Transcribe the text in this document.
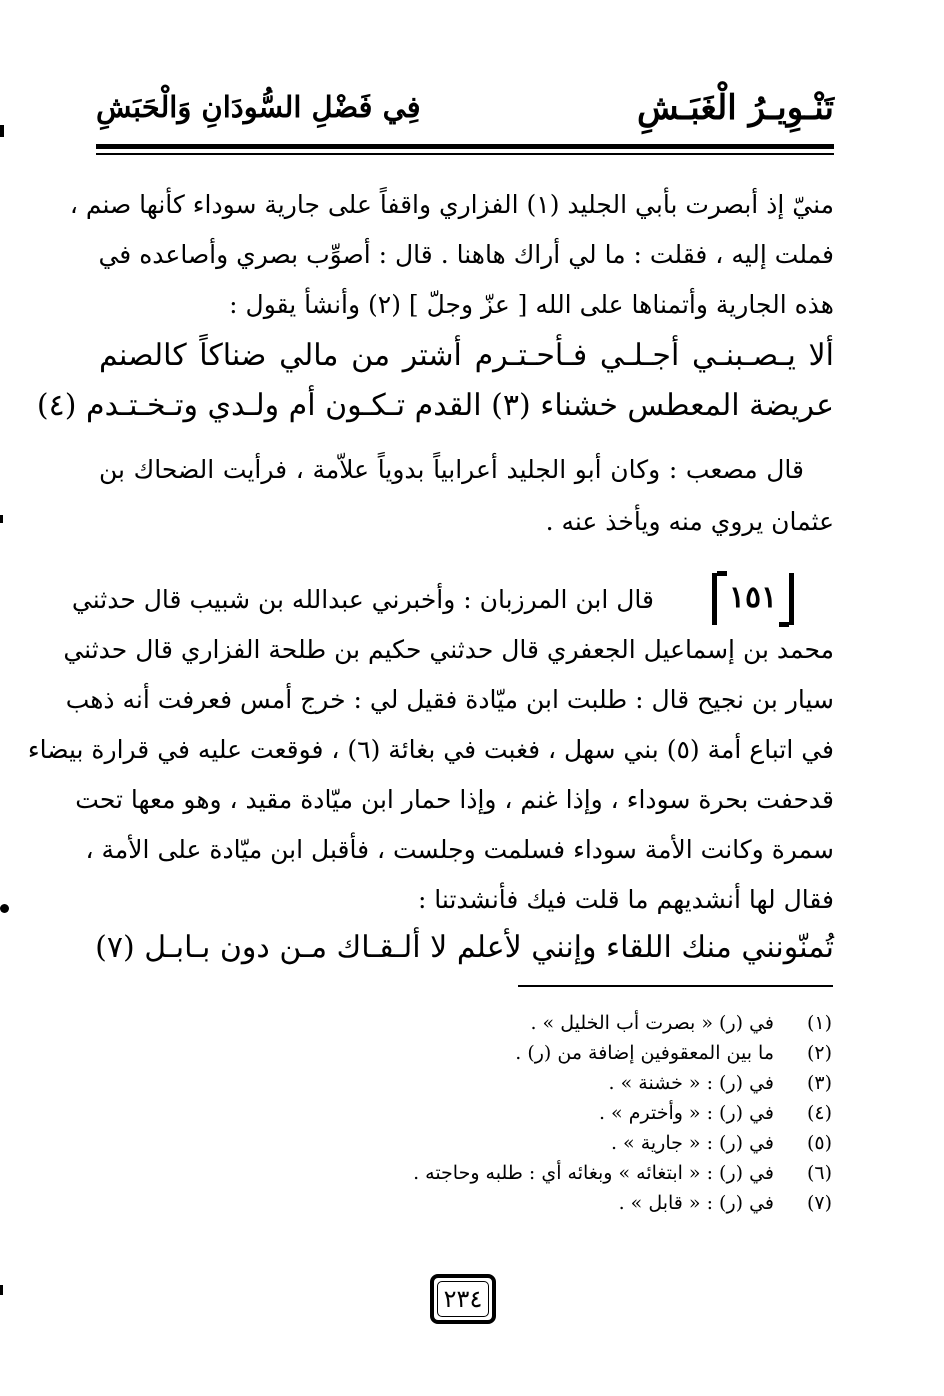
تَنْـوِيـرُ الْغَبَـشِ
فِي فَضْلِ السُّودَانِ وَالْحَبَشِ
منيّ إذ أبصرت بأبي الجليد (١) الفزاري واقفاً على جارية سوداء كأنها صنم ،
فملت إليه ، فقلت : ما لي أراك هاهنا . قال : أصوِّب بصري وأصاعده في
هذه الجارية وأتمناها على الله [ عزّ وجلّ ] (٢) وأنشأ يقول :
ألا يـصـبنـي أجـلـي فـأحـتـرم أشتر من مالي ضناكاً كالصنم
عريضة المعطس خشناء (٣) القدم تـكـون أم ولـدي وتـخـتـدم (٤)
قال مصعب : وكان أبو الجليد أعرابياً بدوياً علاّمة ، فرأيت الضحاك بن
عثمان يروي منه ويأخذ عنه .
١٥١
قال ابن المرزبان : وأخبرني عبدالله بن شبيب قال حدثني
محمد بن إسماعيل الجعفري قال حدثني حكيم بن طلحة الفزاري قال حدثني
سيار بن نجيح قال : طلبت ابن ميّادة فقيل لي : خرج أمس فعرفت أنه ذهب
في اتباع أمة (٥) بني سهل ، فغبت في بغائة (٦) ، فوقعت عليه في قرارة بيضاء
قدحفت بحرة سوداء ، وإذا غنم ، وإذا حمار ابن ميّادة مقيد ، وهو معها تحت
سمرة وكانت الأمة سوداء فسلمت وجلست ، فأقبل ابن ميّادة على الأمة ،
فقال لها أنشديهم ما قلت فيك فأنشدتنا :
تُمنّونني منك اللقاء وإنني لأعلم لا ألـقـاك مـن دون بـابـل (٧)
(١)في (ر) « بصرت أب الخليل » .
(٢)ما بين المعقوفين إضافة من (ر) .
(٣)في (ر) : « خشنة » .
(٤)في (ر) : « وأخترم » .
(٥)في (ر) : « جارية » .
(٦)في (ر) : « ابتغائه » وبغائه أي : طلبه وحاجته .
(٧)في (ر) : « قابل » .
٢٣٤
